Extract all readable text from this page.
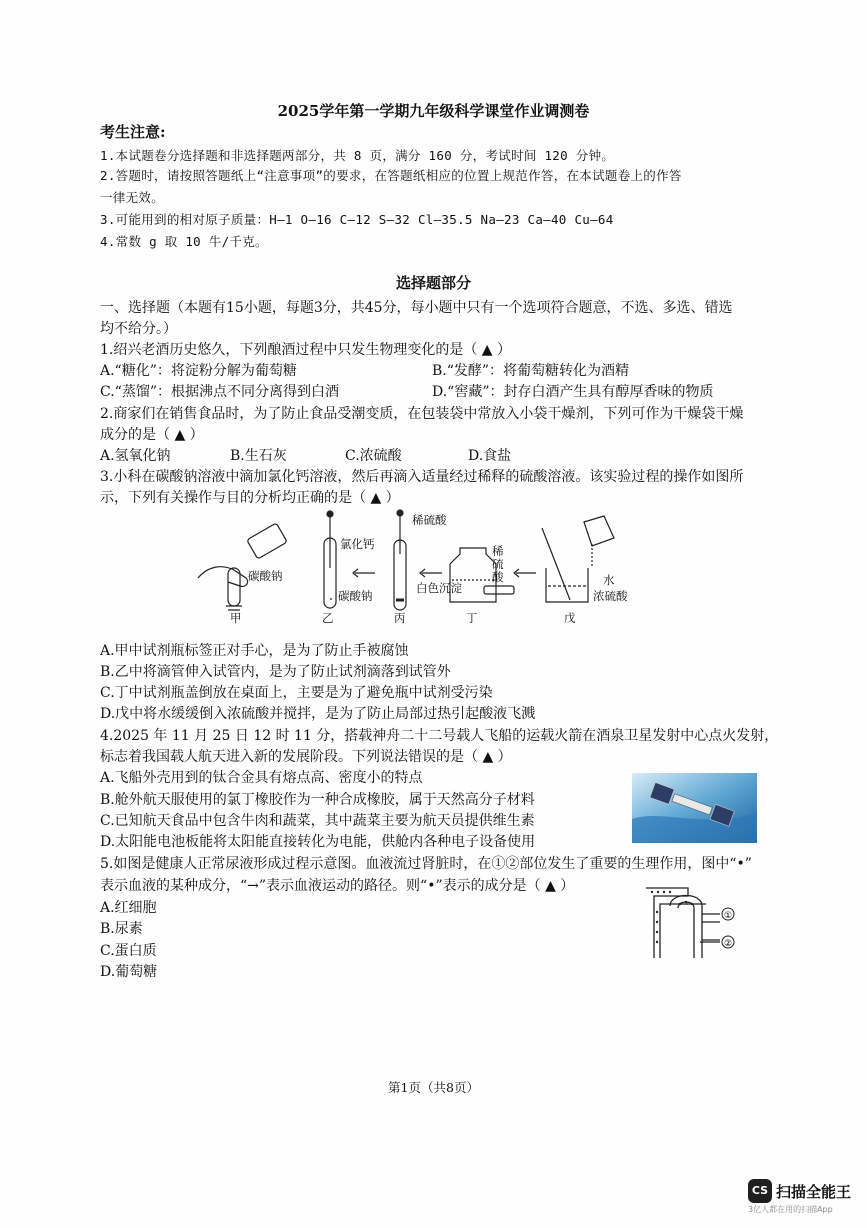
2025学年第一学期九年级科学课堂作业调测卷
考生注意:
1.本试题卷分选择题和非选择题两部分，共 8 页，满分 160 分，考试时间 120 分钟。
2.答题时，请按照答题纸上“注意事项”的要求，在答题纸相应的位置上规范作答，在本试题卷上的作答
一律无效。
3.可能用到的相对原子质量：H—1 O—16 C—12 S—32 Cl—35.5 Na—23 Ca—40 Cu—64
4.常数 g 取 10 牛/千克。
选择题部分
一、选择题（本题有15小题，每题3分，共45分，每小题中只有一个选项符合题意，不选、多选、错选
均不给分。）
1.绍兴老酒历史悠久，下列酿酒过程中只发生物理变化的是（ ▲ ）
A.“糖化”：将淀粉分解为葡萄糖	B.“发酵”：将葡萄糖转化为酒精
C.“蒸馏”：根据沸点不同分离得到白酒	D.“窖藏”：封存白酒产生具有醇厚香味的物质
2.商家们在销售食品时，为了防止食品受潮变质，在包装袋中常放入小袋干燥剂，下列可作为干燥袋干燥
成分的是（ ▲ ）
A.氢氧化钠	B.生石灰	C.浓硫酸	D.食盐
3.小科在碳酸钠溶液中滴加氯化钙溶液，然后再滴入适量经过稀释的硫酸溶液。该实验过程的操作如图所
示，下列有关操作与目的分析均正确的是（ ▲ ）
碳酸钠
氯化钙
碳酸钠
稀硫酸
白色沉淀
水
浓硫酸
甲	乙	丙	丁	戊
稀硫酸
A.甲中试剂瓶标签正对手心，是为了防止手被腐蚀
B.乙中将滴管伸入试管内，是为了防止试剂滴落到试管外
C.丁中试剂瓶盖倒放在桌面上，主要是为了避免瓶中试剂受污染
D.戊中将水缓缓倒入浓硫酸并搅拌，是为了防止局部过热引起酸液飞溅
4.2025 年 11 月 25 日 12 时 11 分，搭载神舟二十二号载人飞船的运载火箭在酒泉卫星发射中心点火发射，
标志着我国载人航天进入新的发展阶段。下列说法错误的是（ ▲ ）
A.飞船外壳用到的钛合金具有熔点高、密度小的特点
B.舱外航天服使用的氯丁橡胶作为一种合成橡胶，属于天然高分子材料
C.已知航天食品中包含牛肉和蔬菜，其中蔬菜主要为航天员提供维生素
D.太阳能电池板能将太阳能直接转化为电能，供舱内各种电子设备使用
5.如图是健康人正常尿液形成过程示意图。血液流过肾脏时，在①②部位发生了重要的生理作用，图中“•”
表示血液的某种成分，“→”表示血液运动的路径。则“•”表示的成分是（ ▲ ）
A.红细胞
B.尿素
C.蛋白质
D.葡萄糖
①
②
第1页（共8页）
CS 扫描全能王
3亿人都在用的扫描App
